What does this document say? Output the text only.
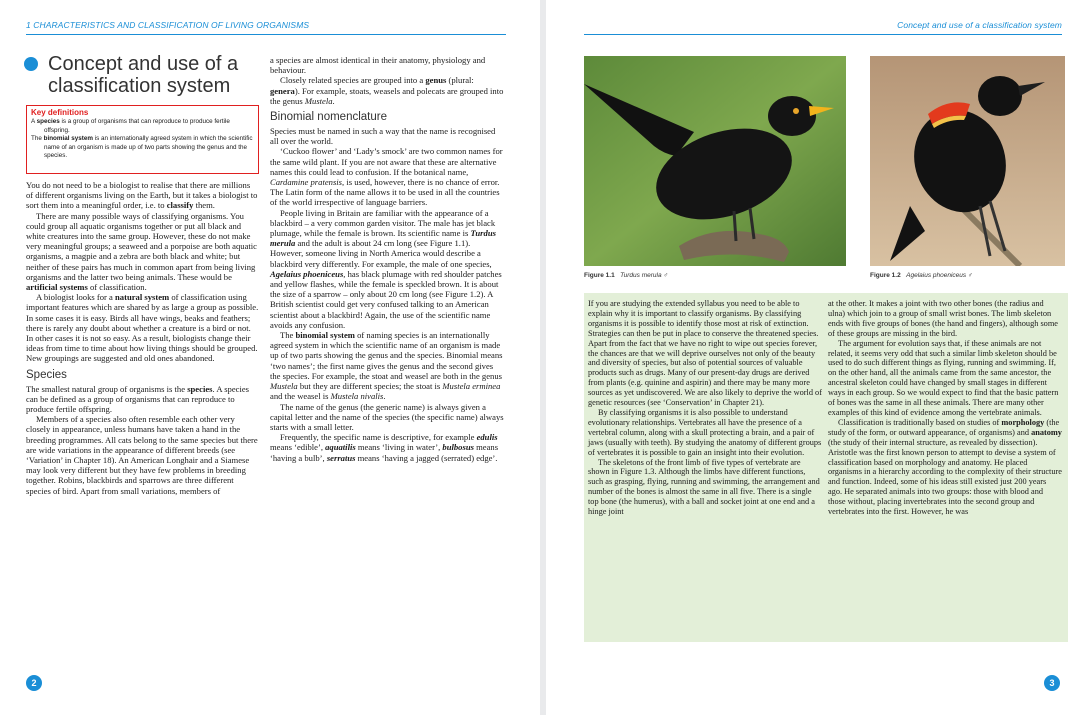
1 CHARACTERISTICS AND CLASSIFICATION OF LIVING ORGANISMS
Concept and use of a classification system
Key definitions

A species is a group of organisms that can reproduce to produce fertile offspring.

The binomial system is an internationally agreed system in which the scientific name of an organism is made up of two parts showing the genus and the species.

You do not need to be a biologist to realise that there are millions of different organisms living on the Earth, but it takes a biologist to sort them into a meaningful order, i.e. to classify them.

There are many possible ways of classifying organisms. You could group all aquatic organisms together or put all black and white creatures into the same group. However, these do not make very meaningful groups; a seaweed and a porpoise are both aquatic organisms, a magpie and a zebra are both black and white; but neither of these pairs has much in common apart from being living organisms and the latter two being animals. These would be artificial systems of classification.

A biologist looks for a natural system of classification using important features which are shared by as large a group as possible. In some cases it is easy. Birds all have wings, beaks and feathers; there is rarely any doubt about whether a creature is a bird or not. In other cases it is not so easy. As a result, biologists change their ideas from time to time about how living things should be grouped. New groupings are suggested and old ones abandoned.

Species

The smallest natural group of organisms is the species. A species can be defined as a group of organisms that can reproduce to produce fertile offspring.

Members of a species also often resemble each other very closely in appearance, unless humans have taken a hand in the breeding programmes. All cats belong to the same species but there are wide variations in the appearance of different breeds (see ‘Variation’ in Chapter 18). An American Longhair and a Siamese may look very different but they have few problems in breeding together. Robins, blackbirds and sparrows are three different species of bird. Apart from small variations, members of

a species are almost identical in their anatomy, physiology and behaviour.

Closely related species are grouped into a genus (plural: genera). For example, stoats, weasels and polecats are grouped into the genus Mustela.

Binomial nomenclature

Species must be named in such a way that the name is recognised all over the world.

‘Cuckoo flower’ and ‘Lady’s smock’ are two common names for the same wild plant. If you are not aware that these are alternative names this could lead to confusion. If the botanical name, Cardamine pratensis, is used, however, there is no chance of error. The Latin form of the name allows it to be used in all the countries of the world irrespective of language barriers.

People living in Britain are familiar with the appearance of a blackbird – a very common garden visitor. The male has jet black plumage, while the female is brown. Its scientific name is Turdus merula and the adult is about 24 cm long (see Figure 1.1). However, someone living in North America would describe a blackbird very differently. For example, the male of one species, Agelaius phoeniceus, has black plumage with red shoulder patches and yellow flashes, while the female is speckled brown. It is about the size of a sparrow – only about 20 cm long (see Figure 1.2). A British scientist could get very confused talking to an American scientist about a blackbird! Again, the use of the scientific name avoids any confusion.

The binomial system of naming species is an internationally agreed system in which the scientific name of an organism is made up of two parts showing the genus and the species. Binomial means ‘two names’; the first name gives the genus and the second gives the species. For example, the stoat and weasel are both in the genus Mustela but they are different species; the stoat is Mustela erminea and the weasel is Mustela nivalis.

The name of the genus (the generic name) is always given a capital letter and the name of the species (the specific name) always starts with a small letter.

Frequently, the specific name is descriptive, for example edulis means ‘edible’, aquatilis means ‘living in water’, bulbosus means ‘having a bulb’, serratus means ‘having a jagged (serrated) edge’.

2
Concept and use of a classification system
Figure 1.1 Turdus merula ♂	Figure 1.2 Agelaius phoeniceus ♂

If you are studying the extended syllabus you need to be able to explain why it is important to classify organisms. By classifying organisms it is possible to identify those most at risk of extinction. Strategies can then be put in place to conserve the threatened species. Apart from the fact that we have no right to wipe out species forever, the chances are that we will deprive ourselves not only of the beauty and diversity of species, but also of potential sources of valuable products such as drugs. Many of our present-day drugs are derived from plants (e.g. quinine and aspirin) and there may be many more sources as yet undiscovered. We are also likely to deprive the world of genetic resources (see ‘Conservation’ in Chapter 21).

By classifying organisms it is also possible to understand evolutionary relationships. Vertebrates all have the presence of a vertebral column, along with a skull protecting a brain, and a pair of jaws (usually with teeth). By studying the anatomy of different groups of vertebrates it is possible to gain an insight into their evolution.

The skeletons of the front limb of five types of vertebrate are shown in Figure 1.3. Although the limbs have different functions, such as grasping, flying, running and swimming, the arrangement and number of the bones is almost the same in all five. There is a single top bone (the humerus), with a ball and socket joint at one end and a hinge joint

at the other. It makes a joint with two other bones (the radius and ulna) which join to a group of small wrist bones. The limb skeleton ends with five groups of bones (the hand and fingers), although some of these groups are missing in the bird.

The argument for evolution says that, if these animals are not related, it seems very odd that such a similar limb skeleton should be used to do such different things as flying, running and swimming. If, on the other hand, all the animals came from the same ancestor, the ancestral skeleton could have changed by small stages in different ways in each group. So we would expect to find that the basic pattern of bones was the same in all these animals. There are many other examples of this kind of evidence among the vertebrate animals.

Classification is traditionally based on studies of morphology (the study of the form, or outward appearance, of organisms) and anatomy (the study of their internal structure, as revealed by dissection). Aristotle was the first known person to attempt to devise a system of classification based on morphology and anatomy. He placed organisms in a hierarchy according to the complexity of their structure and function. Indeed, some of his ideas still existed just 200 years ago. He separated animals into two groups: those with blood and those without, placing invertebrates into the second group and vertebrates into the first. However, he was

3
